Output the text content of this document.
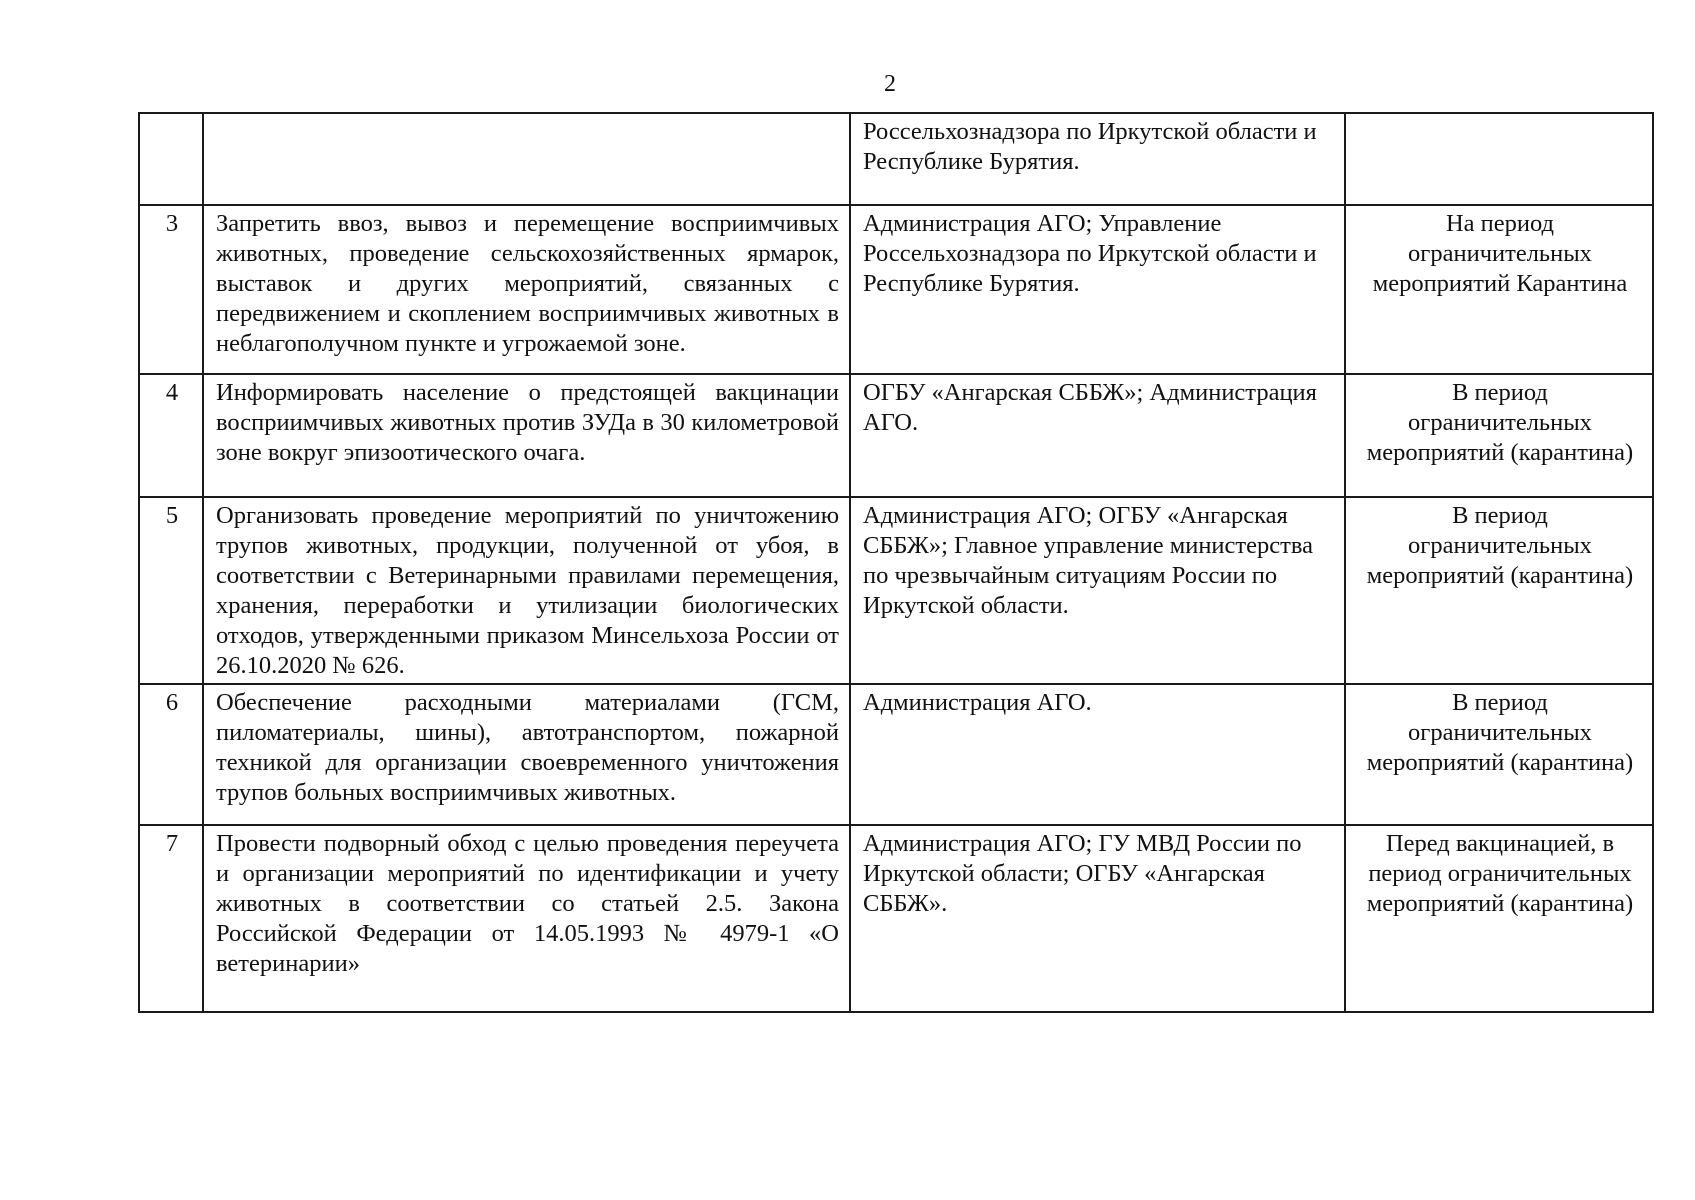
2
		Россельхознадзора по Иркутской области и Республике Бурятия.	
3	Запретить ввоз, вывоз и перемещение восприимчивых животных, проведение сельскохозяйственных ярмарок, выставок и других мероприятий, связанных с передвижением и скоплением восприимчивых животных в неблагополучном пункте и угрожаемой зоне.	Администрация АГО; Управление Россельхознадзора по Иркутской области и Республике Бурятия.	На период ограничительных мероприятий Карантина
4	Информировать население о предстоящей вакцинации восприимчивых животных против ЗУДа в 30 километровой зоне вокруг эпизоотического очага.	ОГБУ «Ангарская СББЖ»; Администрация АГО.	В период ограничительных мероприятий (карантина)
5	Организовать проведение мероприятий по уничтожению трупов животных, продукции, полученной от убоя, в соответствии с Ветеринарными правилами перемещения, хранения, переработки и утилизации биологических отходов, утвержденными приказом Минсельхоза России от 26.10.2020 № 626.	Администрация АГО; ОГБУ «Ангарская СББЖ»; Главное управление министерства по чрезвычайным ситуациям России по Иркутской области.	В период ограничительных мероприятий (карантина)
6	Обеспечение расходными материалами (ГСМ, пиломатериалы, шины), автотранспортом, пожарной техникой для организации своевременного уничтожения трупов больных восприимчивых животных.	Администрация АГО.	В период ограничительных мероприятий (карантина)
7	Провести подворный обход с целью проведения переучета и организации мероприятий по идентификации и учету животных в соответствии со статьей 2.5. Закона Российской Федерации от 14.05.1993 № 4979-1 «О ветеринарии»	Администрация АГО; ГУ МВД России по Иркутской области; ОГБУ «Ангарская СББЖ».	Перед вакцинацией, в период ограничительных мероприятий (карантина)
